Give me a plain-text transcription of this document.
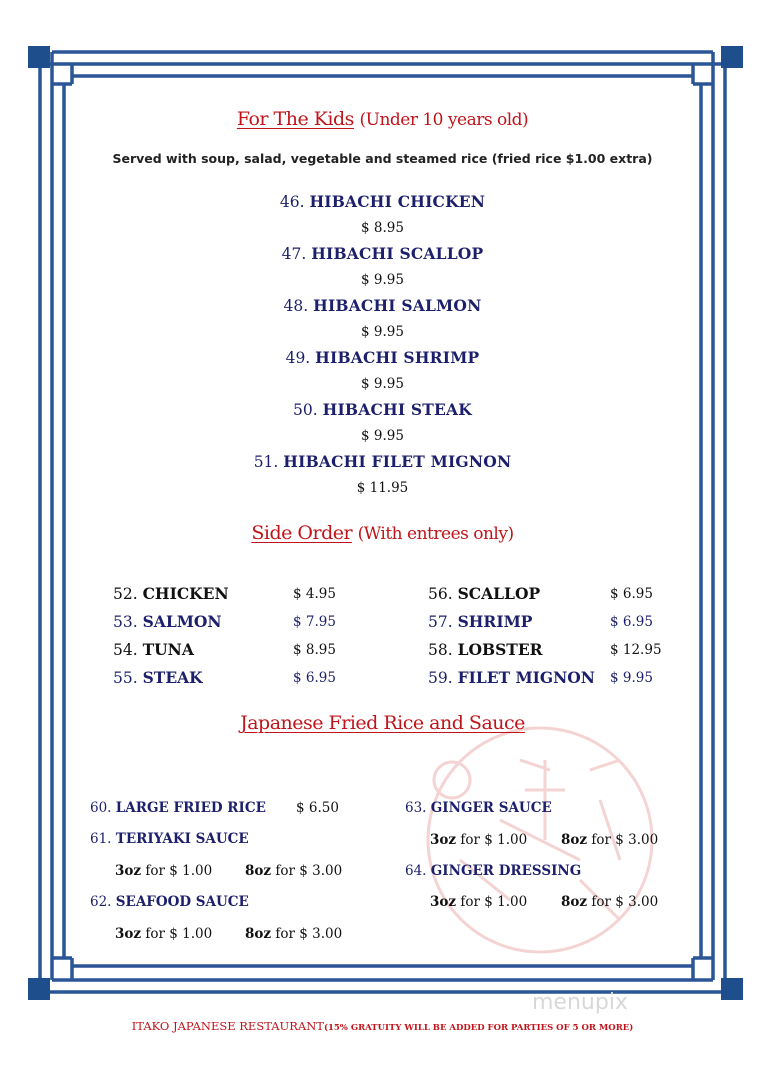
For The Kids (Under 10 years old)
Served with soup, salad, vegetable and steamed rice (fried rice $1.00 extra)
46. HIBACHI CHICKEN
$ 8.95
47. HIBACHI SCALLOP
$ 9.95
48. HIBACHI SALMON
$ 9.95
49. HIBACHI SHRIMP
$ 9.95
50. HIBACHI STEAK
$ 9.95
51. HIBACHI FILET MIGNON
$ 11.95
Side Order (With entrees only)
52. CHICKEN	$ 4.95
53. SALMON	$ 7.95
54. TUNA	$ 8.95
55. STEAK	$ 6.95
56. SCALLOP	$ 6.95
57. SHRIMP	$ 6.95
58. LOBSTER	$ 12.95
59. FILET MIGNON $ 9.95
Japanese Fried Rice and Sauce
60. LARGE FRIED RICE $ 6.50
61. TERIYAKI SAUCE
3oz for $ 1.00 8oz for $ 3.00
62. SEAFOOD SAUCE
3oz for $ 1.00 8oz for $ 3.00
63. GINGER SAUCE
3oz for $ 1.00	8oz for $ 3.00
64. GINGER DRESSING
3oz for $ 1.00	8oz for $ 3.00
menupix
ITAKO JAPANESE RESTAURANT(15% GRATUITY WILL BE ADDED FOR PARTIES OF 5 OR MORE)
